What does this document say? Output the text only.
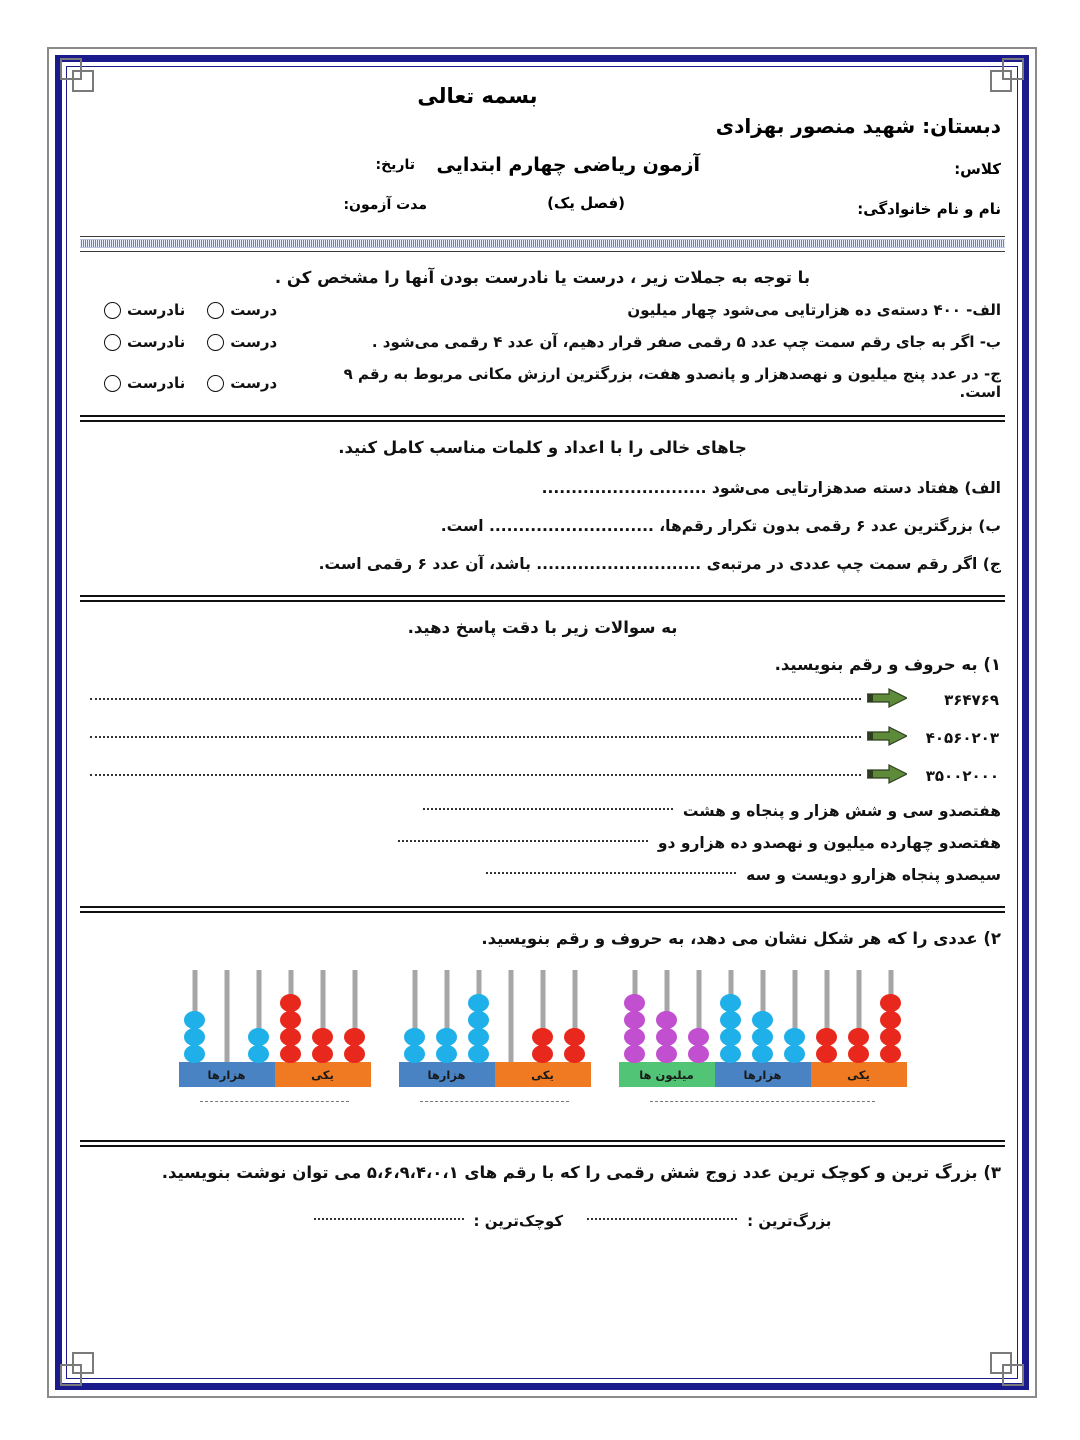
بسمه تعالی
دبستان: شهید منصور بهزادی
کلاس:
نام و نام خانوادگی:
آزمون ریاضی چهارم ابتدایی
(فصل یک)
تاریخ:
مدت آزمون:
با توجه به جملات زیر ، درست یا نادرست بودن آنها را مشخص کن .
الف- ۴۰۰ دسته‌ی ده هزارتایی می‌شود چهار میلیون
درست
نادرست
ب- اگر به جای رقم سمت چپ عدد ۵ رقمی صفر قرار دهیم، آن عدد ۴ رقمی می‌شود .
درست
نادرست
ج- در عدد پنج میلیون و نهصدهزار و پانصدو هفت، بزرگترین ارزش مکانی مربوط به رقم ۹ است.
درست
نادرست
جاهای خالی را با اعداد و کلمات مناسب کامل کنید.
الف) هفتاد دسته صدهزارتایی می‌شود ............................
ب) بزرگترین عدد ۶ رقمی بدون تکرار رقم‌ها، ............................ است.
ج) اگر رقم سمت چپ عددی در مرتبه‌ی ............................ باشد، آن عدد ۶ رقمی است.
به سوالات زیر با دقت پاسخ دهید.
۱) به حروف و رقم بنویسید.
۳۶۴۷۶۹
۴۰۵۶۰۲۰۳
۳۵۰۰۲۰۰۰
هفتصدو سی و شش هزار و پنجاه و هشت
هفتصدو چهارده میلیون و نهصدو ده هزارو دو
سیصدو پنجاه هزارو دویست و سه
۲) عددی را که هر شکل نشان می دهد، به حروف و رقم بنویسید.
میلیون ها	هزارها	یکی
هزارها	یکی
هزارها	یکی
۳) بزرگ ترین و کوچک ترین عدد زوج شش رقمی را که با رقم های ۵،۶،۹،۴،۰،۱ می توان نوشت بنویسید.
بزرگ‌ترین :
کوچک‌ترین :
